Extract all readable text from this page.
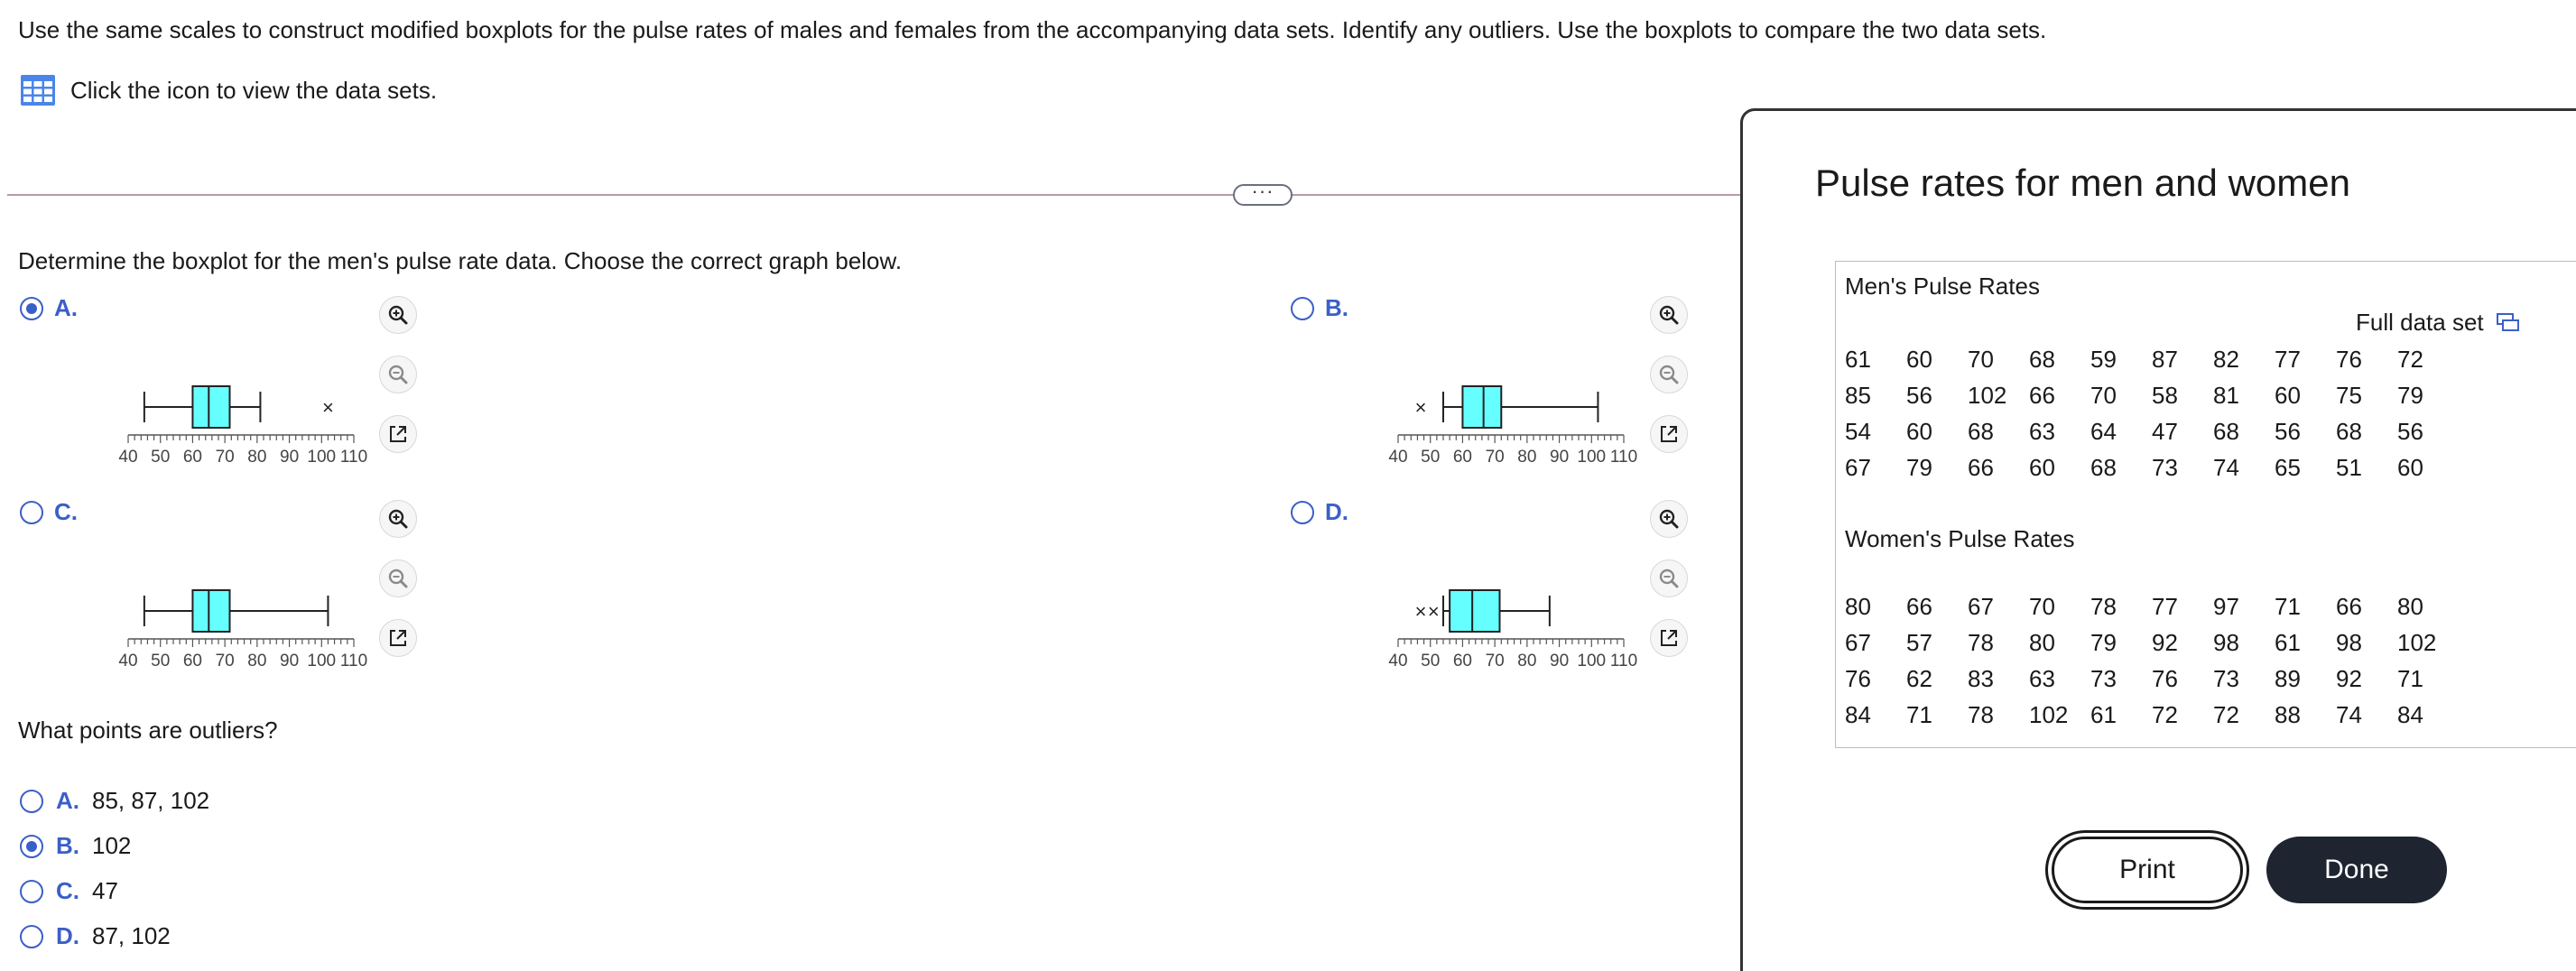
Use the same scales to construct modified boxplots for the pulse rates of males and females from the accompanying data sets. Identify any outliers. Use the boxplots to compare the two data sets.
Click the icon to view the data sets.
···
Determine the boxplot for the men's pulse rate data. Choose the correct graph below.
A.	B.
C.	D.
×
40 50 60 70 80 90 100 110
×
40 50 60 70 80 90 100 110
40 50 60 70 80 90 100 110
× ×
40 50 60 70 80 90 100 110
What points are outliers?
A. 85, 87, 102
B. 102
C. 47
D. 87, 102
Pulse rates for men and women
Men's Pulse Rates
Full data set
61	60	70	68	59	87	82	77	76	72
85	56	102	66	70	58	81	60	75	79
54	60	68	63	64	47	68	56	68	56
67	79	66	60	68	73	74	65	51	60
Women's Pulse Rates
80	66	67	70	78	77	97	71	66	80
67	57	78	80	79	92	98	61	98	102
76	62	83	63	73	76	73	89	92	71
84	71	78	102	61	72	72	88	74	84
Print	Done
